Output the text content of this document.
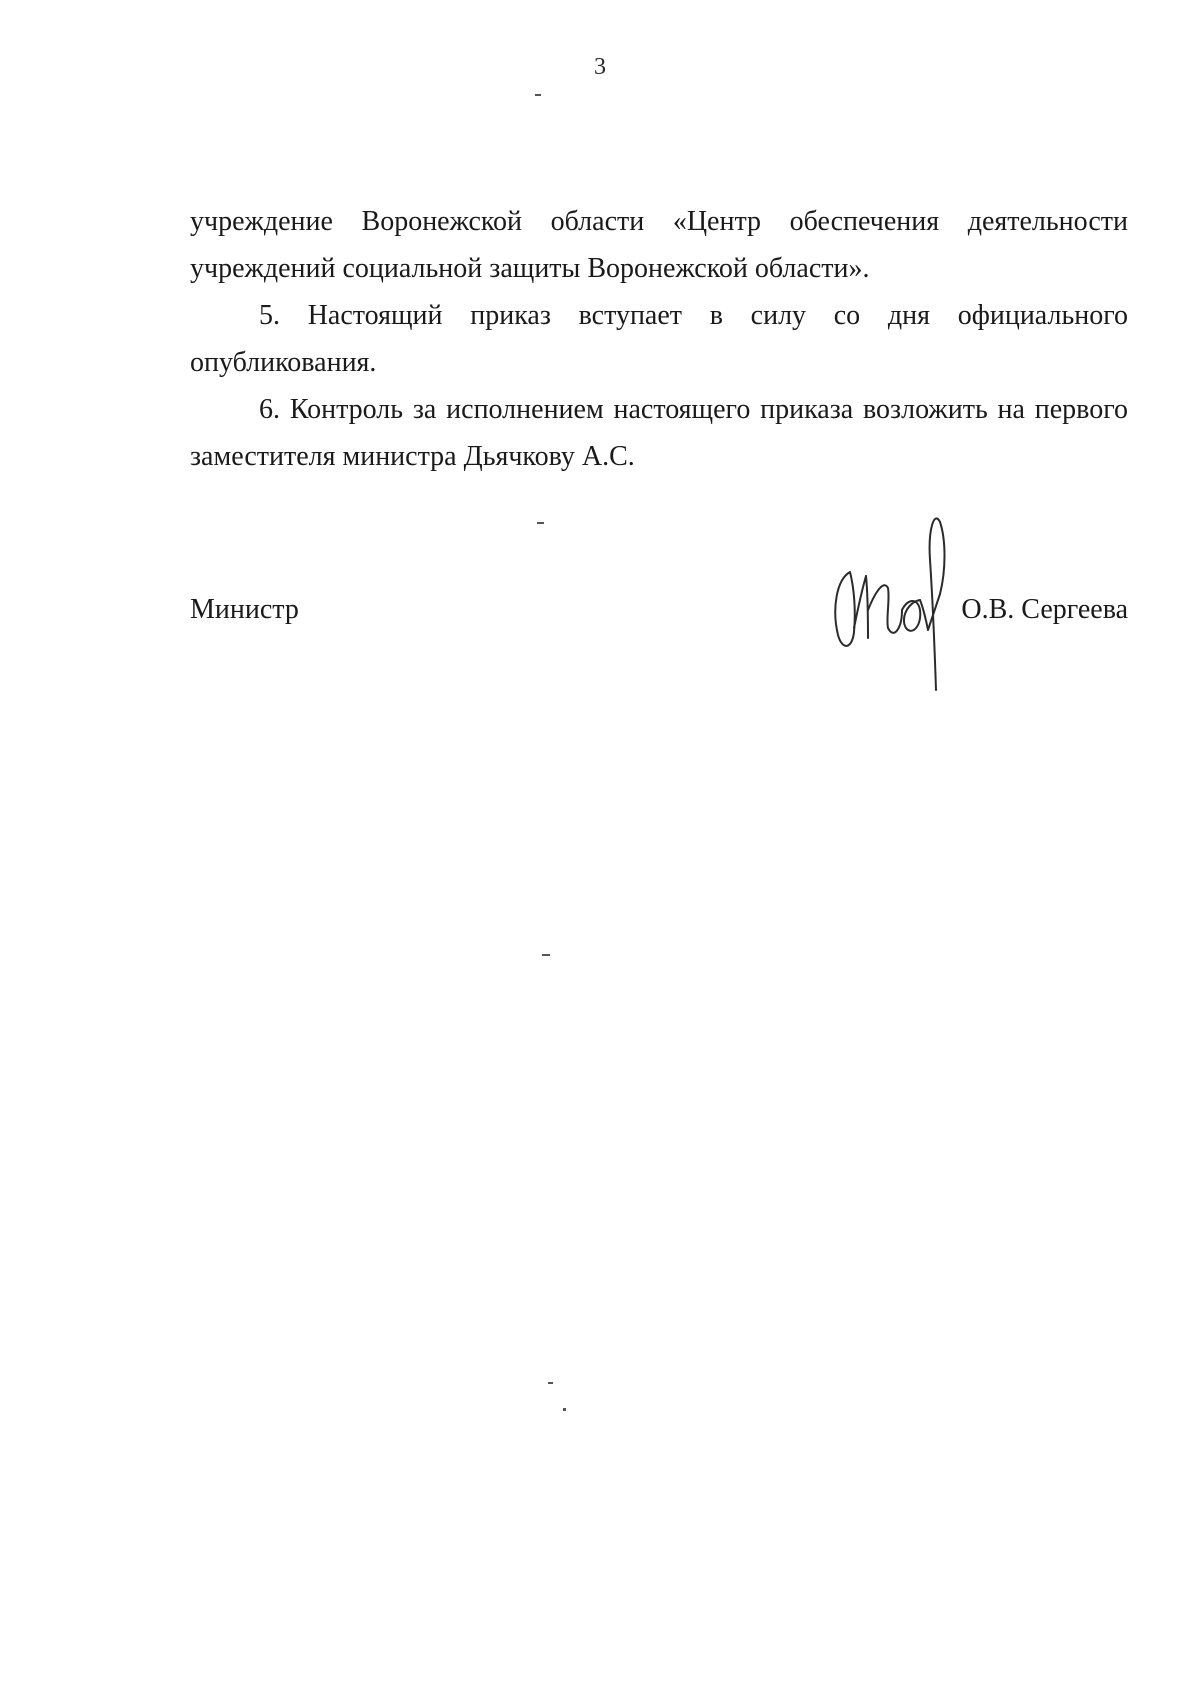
3

учреждение Воронежской области «Центр обеспечения деятельности учреждений социальной защиты Воронежской области».

5. Настоящий приказ вступает в силу со дня официального опубликования.

6. Контроль за исполнением настоящего приказа возложить на первого заместителя министра Дьячкову А.С.

Министр	О.В. Сергеева
